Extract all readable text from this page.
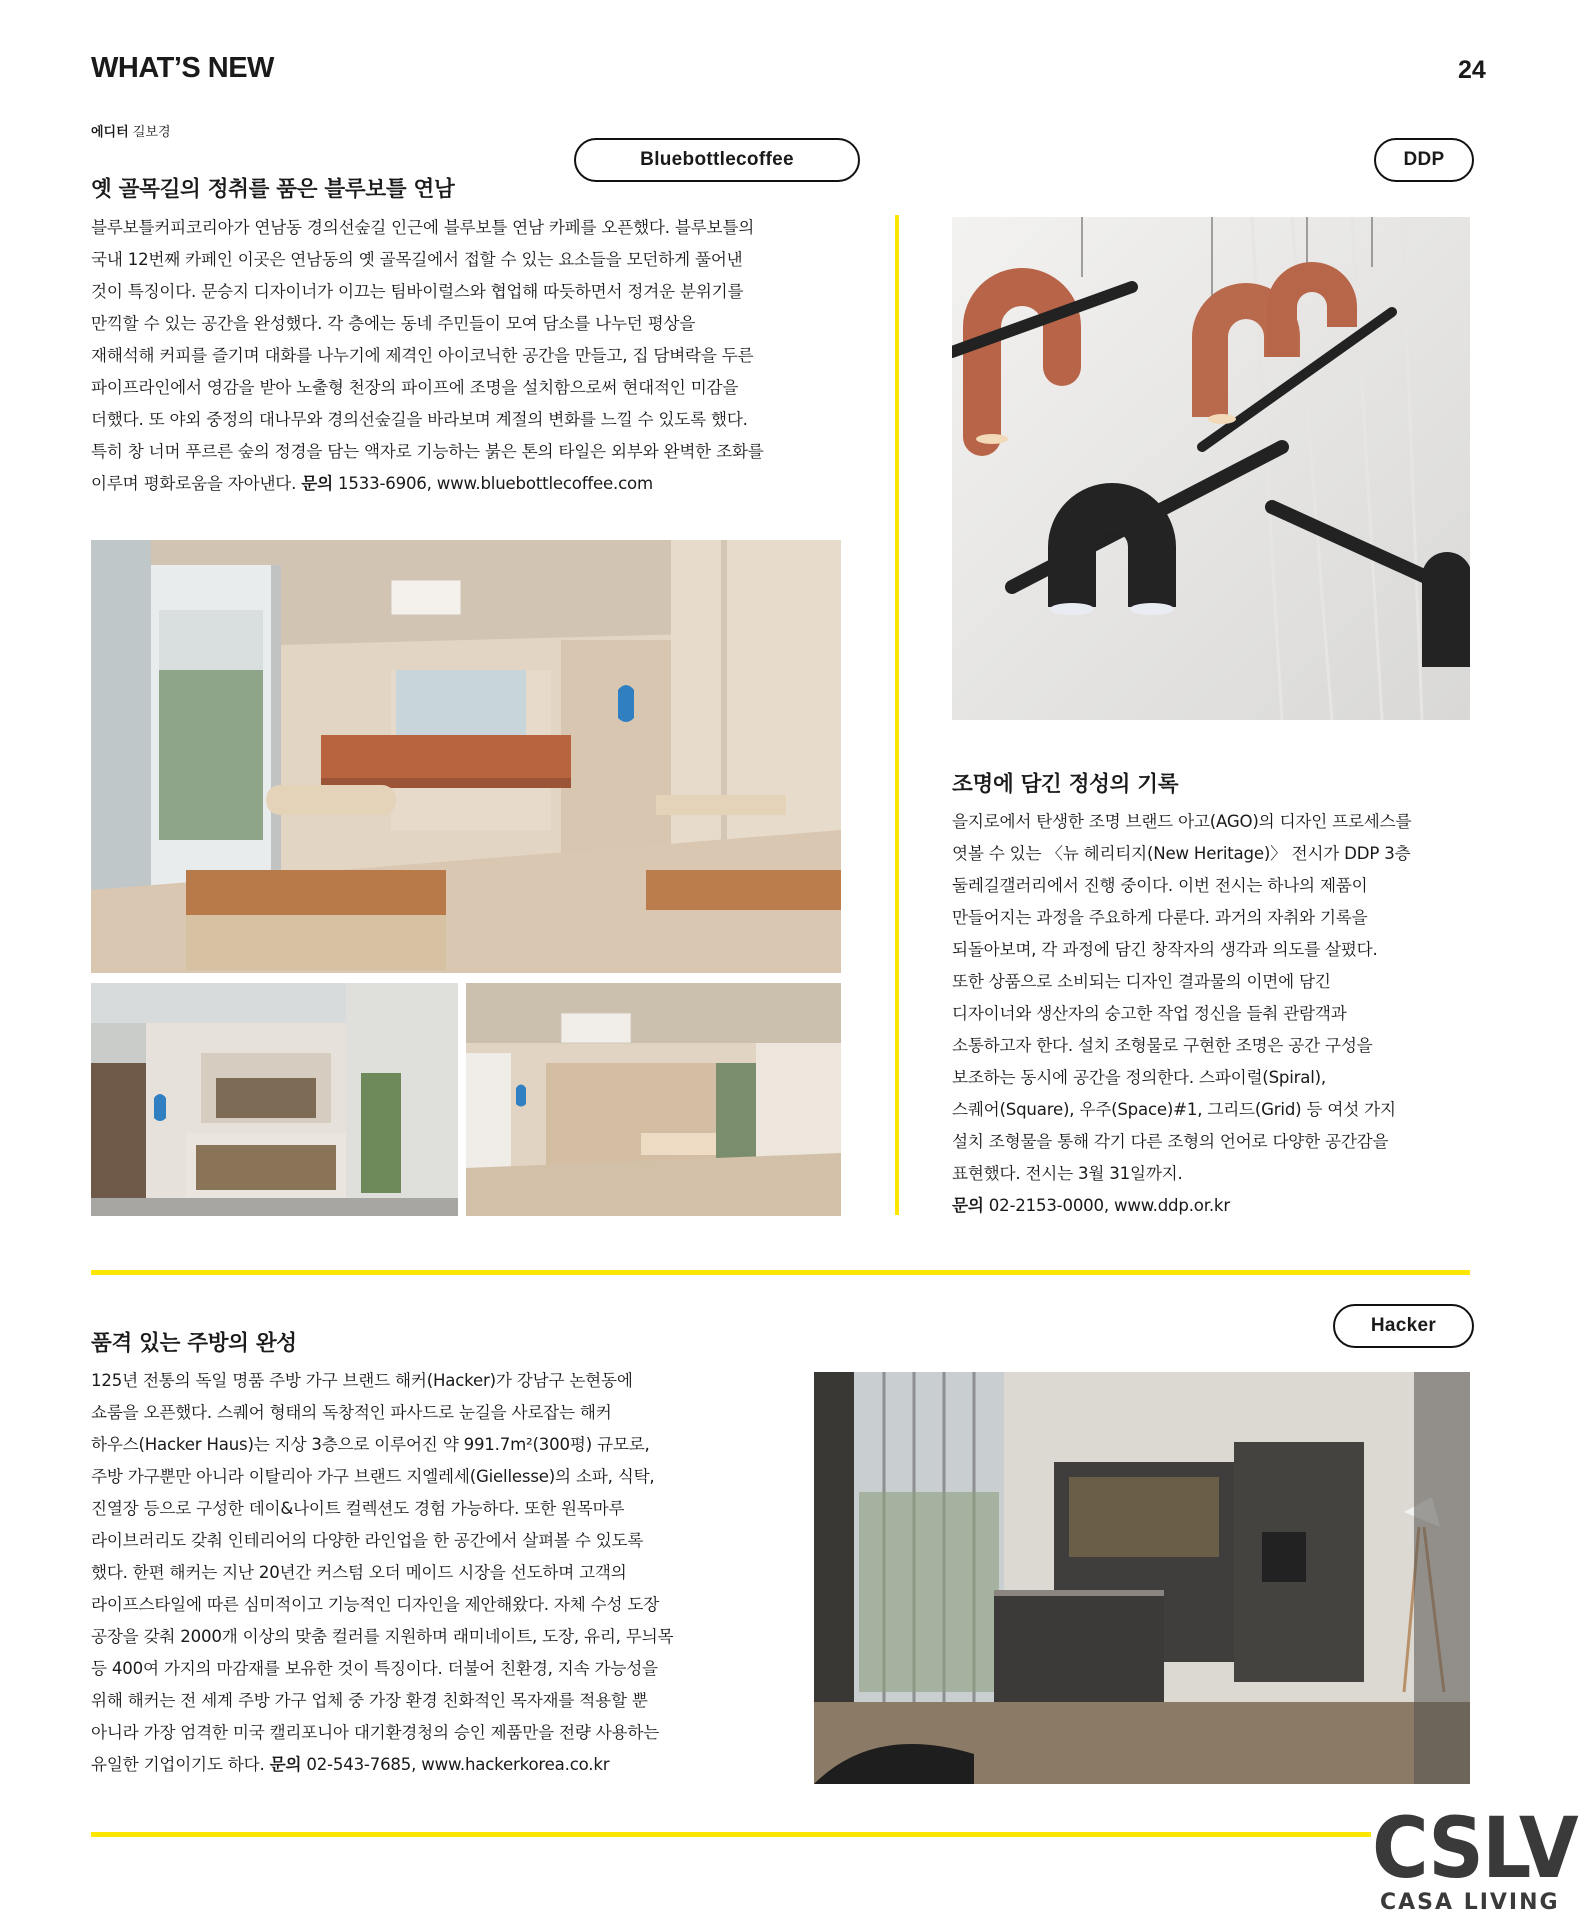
WHAT’S NEW	24
에디터 길보경
Bluebottlecoffee
옛 골목길의 정취를 품은 블루보틀 연남
블루보틀커피코리아가 연남동 경의선숲길 인근에 블루보틀 연남 카페를 오픈했다. 블루보틀의
국내 12번째 카페인 이곳은 연남동의 옛 골목길에서 접할 수 있는 요소들을 모던하게 풀어낸
것이 특징이다. 문승지 디자이너가 이끄는 팀바이럴스와 협업해 따듯하면서 정겨운 분위기를
만끽할 수 있는 공간을 완성했다. 각 층에는 동네 주민들이 모여 담소를 나누던 평상을
재해석해 커피를 즐기며 대화를 나누기에 제격인 아이코닉한 공간을 만들고, 집 담벼락을 두른
파이프라인에서 영감을 받아 노출형 천장의 파이프에 조명을 설치함으로써 현대적인 미감을
더했다. 또 야외 중정의 대나무와 경의선숲길을 바라보며 계절의 변화를 느낄 수 있도록 했다.
특히 창 너머 푸르른 숲의 정경을 담는 액자로 기능하는 붉은 톤의 타일은 외부와 완벽한 조화를
이루며 평화로움을 자아낸다. 문의 1533-6906, www.bluebottlecoffee.com
DDP
조명에 담긴 정성의 기록
을지로에서 탄생한 조명 브랜드 아고(AGO)의 디자인 프로세스를
엿볼 수 있는 〈뉴 헤리티지(New Heritage)〉 전시가 DDP 3층
둘레길갤러리에서 진행 중이다. 이번 전시는 하나의 제품이
만들어지는 과정을 주요하게 다룬다. 과거의 자취와 기록을
되돌아보며, 각 과정에 담긴 창작자의 생각과 의도를 살폈다.
또한 상품으로 소비되는 디자인 결과물의 이면에 담긴
디자이너와 생산자의 숭고한 작업 정신을 들춰 관람객과
소통하고자 한다. 설치 조형물로 구현한 조명은 공간 구성을
보조하는 동시에 공간을 정의한다. 스파이럴(Spiral),
스퀘어(Square), 우주(Space)#1, 그리드(Grid) 등 여섯 가지
설치 조형물을 통해 각기 다른 조형의 언어로 다양한 공간감을
표현했다. 전시는 3월 31일까지.
문의 02-2153-0000, www.ddp.or.kr
Hacker
품격 있는 주방의 완성
125년 전통의 독일 명품 주방 가구 브랜드 해커(Hacker)가 강남구 논현동에
쇼룸을 오픈했다. 스퀘어 형태의 독창적인 파사드로 눈길을 사로잡는 해커
하우스(Hacker Haus)는 지상 3층으로 이루어진 약 991.7m²(300평) 규모로,
주방 가구뿐만 아니라 이탈리아 가구 브랜드 지엘레세(Giellesse)의 소파, 식탁,
진열장 등으로 구성한 데이&나이트 컬렉션도 경험 가능하다. 또한 원목마루
라이브러리도 갖춰 인테리어의 다양한 라인업을 한 공간에서 살펴볼 수 있도록
했다. 한편 해커는 지난 20년간 커스텀 오더 메이드 시장을 선도하며 고객의
라이프스타일에 따른 심미적이고 기능적인 디자인을 제안해왔다. 자체 수성 도장
공장을 갖춰 2000개 이상의 맞춤 컬러를 지원하며 래미네이트, 도장, 유리, 무늬목
등 400여 가지의 마감재를 보유한 것이 특징이다. 더불어 친환경, 지속 가능성을
위해 해커는 전 세계 주방 가구 업체 중 가장 환경 친화적인 목자재를 적용할 뿐
아니라 가장 엄격한 미국 캘리포니아 대기환경청의 승인 제품만을 전량 사용하는
유일한 기업이기도 하다. 문의 02-543-7685, www.hackerkorea.co.kr
CSLV
CASA LIVING
